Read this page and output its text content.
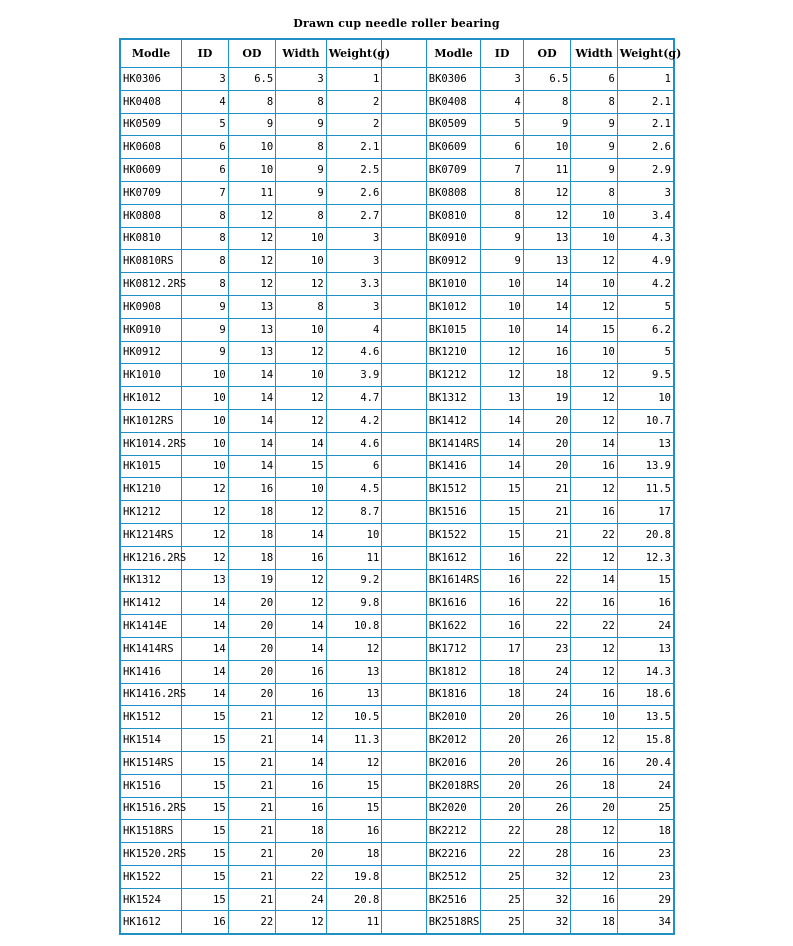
Drawn cup needle roller bearing
Modle	ID	OD	Width	Weight(g)		Modle	ID	OD	Width	Weight(g)
HK0306	3	6.5	3	1		BK0306	3	6.5	6	1
HK0408	4	8	8	2		BK0408	4	8	8	2.1
HK0509	5	9	9	2		BK0509	5	9	9	2.1
HK0608	6	10	8	2.1		BK0609	6	10	9	2.6
HK0609	6	10	9	2.5		BK0709	7	11	9	2.9
HK0709	7	11	9	2.6		BK0808	8	12	8	3
HK0808	8	12	8	2.7		BK0810	8	12	10	3.4
HK0810	8	12	10	3		BK0910	9	13	10	4.3
HK0810RS	8	12	10	3		BK0912	9	13	12	4.9
HK0812.2RS	8	12	12	3.3		BK1010	10	14	10	4.2
HK0908	9	13	8	3		BK1012	10	14	12	5
HK0910	9	13	10	4		BK1015	10	14	15	6.2
HK0912	9	13	12	4.6		BK1210	12	16	10	5
HK1010	10	14	10	3.9		BK1212	12	18	12	9.5
HK1012	10	14	12	4.7		BK1312	13	19	12	10
HK1012RS	10	14	12	4.2		BK1412	14	20	12	10.7
HK1014.2RS	10	14	14	4.6		BK1414RS	14	20	14	13
HK1015	10	14	15	6		BK1416	14	20	16	13.9
HK1210	12	16	10	4.5		BK1512	15	21	12	11.5
HK1212	12	18	12	8.7		BK1516	15	21	16	17
HK1214RS	12	18	14	10		BK1522	15	21	22	20.8
HK1216.2RS	12	18	16	11		BK1612	16	22	12	12.3
HK1312	13	19	12	9.2		BK1614RS	16	22	14	15
HK1412	14	20	12	9.8		BK1616	16	22	16	16
HK1414E	14	20	14	10.8		BK1622	16	22	22	24
HK1414RS	14	20	14	12		BK1712	17	23	12	13
HK1416	14	20	16	13		BK1812	18	24	12	14.3
HK1416.2RS	14	20	16	13		BK1816	18	24	16	18.6
HK1512	15	21	12	10.5		BK2010	20	26	10	13.5
HK1514	15	21	14	11.3		BK2012	20	26	12	15.8
HK1514RS	15	21	14	12		BK2016	20	26	16	20.4
HK1516	15	21	16	15		BK2018RS	20	26	18	24
HK1516.2RS	15	21	16	15		BK2020	20	26	20	25
HK1518RS	15	21	18	16		BK2212	22	28	12	18
HK1520.2RS	15	21	20	18		BK2216	22	28	16	23
HK1522	15	21	22	19.8		BK2512	25	32	12	23
HK1524	15	21	24	20.8		BK2516	25	32	16	29
HK1612	16	22	12	11		BK2518RS	25	32	18	34
